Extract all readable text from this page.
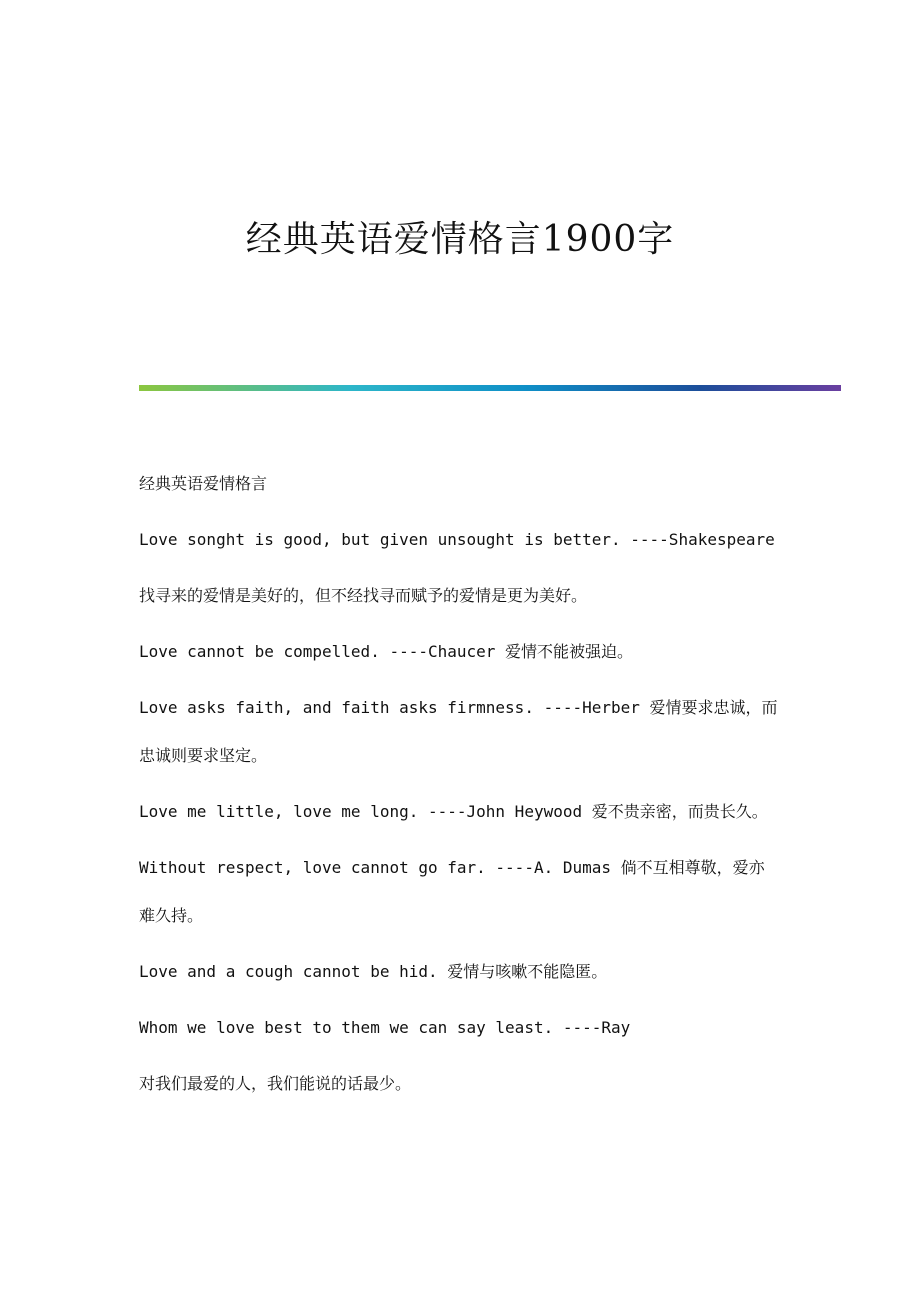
经典英语爱情格言1900字

经典英语爱情格言

Love songht is good, but given unsought is better. ----Shakespeare

找寻来的爱情是美好的，但不经找寻而赋予的爱情是更为美好。

Love cannot be compelled. ----Chaucer 爱情不能被强迫。

Love asks faith, and faith asks firmness. ----Herber 爱情要求忠诚，而

忠诚则要求坚定。

Love me little, love me long. ----John Heywood 爱不贵亲密，而贵长久。

Without respect, love cannot go far. ----A. Dumas 倘不互相尊敬，爱亦

难久持。

Love and a cough cannot be hid. 爱情与咳嗽不能隐匿。

Whom we love best to them we can say least. ----Ray

对我们最爱的人，我们能说的话最少。
